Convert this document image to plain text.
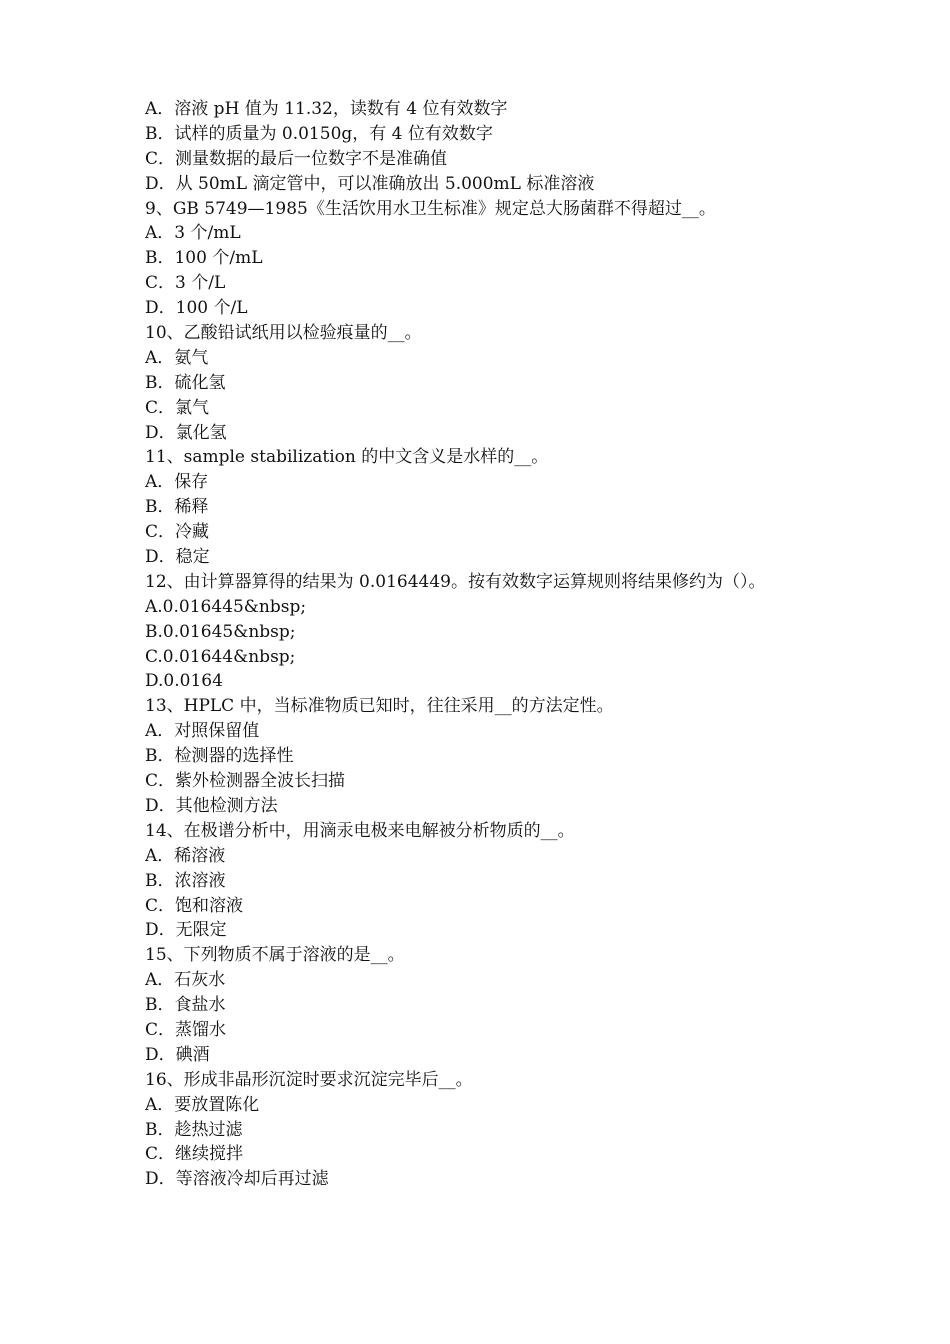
A．溶液 pH 值为 11.32，读数有 4 位有效数字
B．试样的质量为 0.0150g，有 4 位有效数字
C．测量数据的最后一位数字不是准确值
D．从 50mL 滴定管中，可以准确放出 5.000mL 标准溶液
9、GB 5749—1985《生活饮用水卫生标准》规定总大肠菌群不得超过__。
A．3 个/mL
B．100 个/mL
C．3 个/L
D．100 个/L
10、乙酸铅试纸用以检验痕量的__。
A．氨气
B．硫化氢
C．氯气
D．氯化氢
11、sample stabilization 的中文含义是水样的__。
A．保存
B．稀释
C．冷藏
D．稳定
12、由计算器算得的结果为 0.0164449。按有效数字运算规则将结果修约为（）。
A.0.016445&nbsp;
B.0.01645&nbsp;
C.0.01644&nbsp;
D.0.0164
13、HPLC 中，当标准物质已知时，往往采用__的方法定性。
A．对照保留值
B．检测器的选择性
C．紫外检测器全波长扫描
D．其他检测方法
14、在极谱分析中，用滴汞电极来电解被分析物质的__。
A．稀溶液
B．浓溶液
C．饱和溶液
D．无限定
15、下列物质不属于溶液的是__。
A．石灰水
B．食盐水
C．蒸馏水
D．碘酒
16、形成非晶形沉淀时要求沉淀完毕后__。
A．要放置陈化
B．趁热过滤
C．继续搅拌
D．等溶液冷却后再过滤
